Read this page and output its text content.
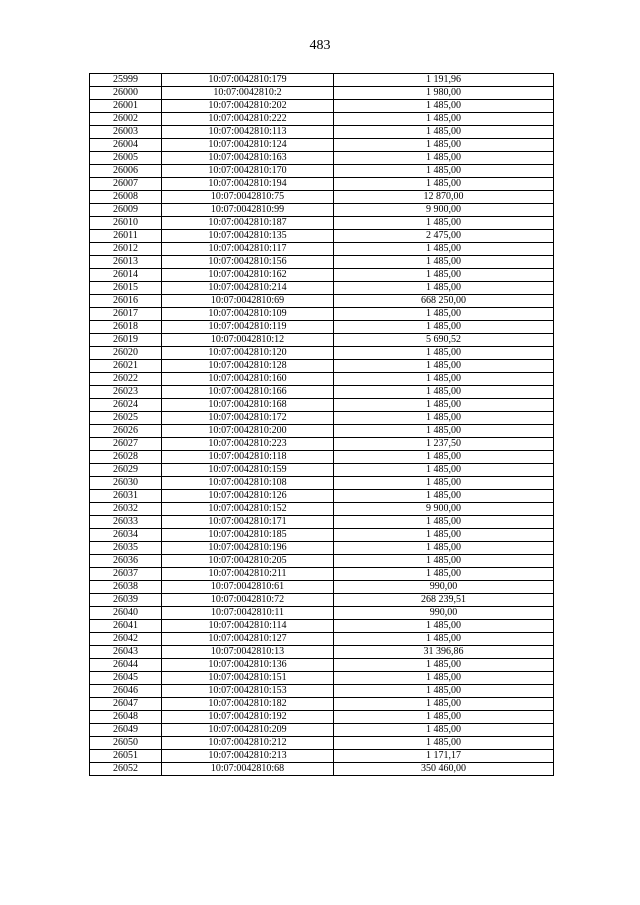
483
25999	10:07:0042810:179	1 191,96
26000	10:07:0042810:2	1 980,00
26001	10:07:0042810:202	1 485,00
26002	10:07:0042810:222	1 485,00
26003	10:07:0042810:113	1 485,00
26004	10:07:0042810:124	1 485,00
26005	10:07:0042810:163	1 485,00
26006	10:07:0042810:170	1 485,00
26007	10:07:0042810:194	1 485,00
26008	10:07:0042810:75	12 870,00
26009	10:07:0042810:99	9 900,00
26010	10:07:0042810:187	1 485,00
26011	10:07:0042810:135	2 475,00
26012	10:07:0042810:117	1 485,00
26013	10:07:0042810:156	1 485,00
26014	10:07:0042810:162	1 485,00
26015	10:07:0042810:214	1 485,00
26016	10:07:0042810:69	668 250,00
26017	10:07:0042810:109	1 485,00
26018	10:07:0042810:119	1 485,00
26019	10:07:0042810:12	5 690,52
26020	10:07:0042810:120	1 485,00
26021	10:07:0042810:128	1 485,00
26022	10:07:0042810:160	1 485,00
26023	10:07:0042810:166	1 485,00
26024	10:07:0042810:168	1 485,00
26025	10:07:0042810:172	1 485,00
26026	10:07:0042810:200	1 485,00
26027	10:07:0042810:223	1 237,50
26028	10:07:0042810:118	1 485,00
26029	10:07:0042810:159	1 485,00
26030	10:07:0042810:108	1 485,00
26031	10:07:0042810:126	1 485,00
26032	10:07:0042810:152	9 900,00
26033	10:07:0042810:171	1 485,00
26034	10:07:0042810:185	1 485,00
26035	10:07:0042810:196	1 485,00
26036	10:07:0042810:205	1 485,00
26037	10:07:0042810:211	1 485,00
26038	10:07:0042810:61	990,00
26039	10:07:0042810:72	268 239,51
26040	10:07:0042810:11	990,00
26041	10:07:0042810:114	1 485,00
26042	10:07:0042810:127	1 485,00
26043	10:07:0042810:13	31 396,86
26044	10:07:0042810:136	1 485,00
26045	10:07:0042810:151	1 485,00
26046	10:07:0042810:153	1 485,00
26047	10:07:0042810:182	1 485,00
26048	10:07:0042810:192	1 485,00
26049	10:07:0042810:209	1 485,00
26050	10:07:0042810:212	1 485,00
26051	10:07:0042810:213	1 171,17
26052	10:07:0042810:68	350 460,00
